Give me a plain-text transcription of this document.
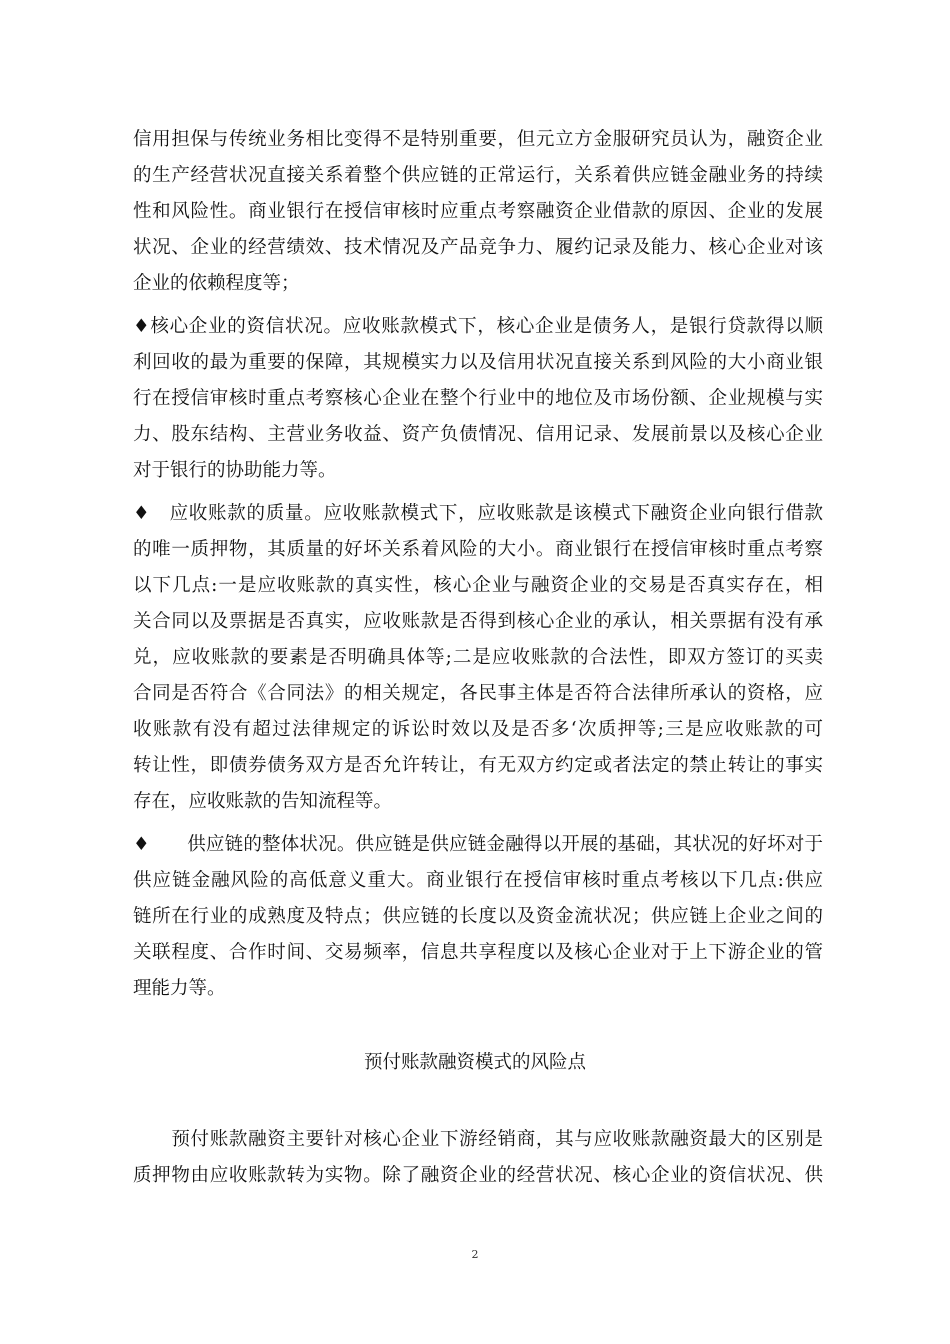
信用担保与传统业务相比变得不是特别重要，但元立方金服研究员认为，融资企业
的生产经营状况直接关系着整个供应链的正常运行，关系着供应链金融业务的持续
性和风险性。商业银行在授信审核时应重点考察融资企业借款的原因、企业的发展
状况、企业的经营绩效、技术情况及产品竞争力、履约记录及能力、核心企业对该
企业的依赖程度等；
♦核心企业的资信状况。应收账款模式下，核心企业是债务人，是银行贷款得以顺
利回收的最为重要的保障，其规模实力以及信用状况直接关系到风险的大小商业银
行在授信审核时重点考察核心企业在整个行业中的地位及市场份额、企业规模与实
力、股东结构、主营业务收益、资产负债情况、信用记录、发展前景以及核心企业
对于银行的协助能力等。
♦　应收账款的质量。应收账款模式下，应收账款是该模式下融资企业向银行借款
的唯一质押物，其质量的好坏关系着风险的大小。商业银行在授信审核时重点考察
以下几点:一是应收账款的真实性，核心企业与融资企业的交易是否真实存在，相
关合同以及票据是否真实，应收账款是否得到核心企业的承认，相关票据有没有承
兑，应收账款的要素是否明确具体等;二是应收账款的合法性，即双方签订的买卖
合同是否符合《合同法》的相关规定，各民事主体是否符合法律所承认的资格，应
收账款有没有超过法律规定的诉讼时效以及是否多‘次质押等;三是应收账款的可
转让性，即债券债务双方是否允许转让，有无双方约定或者法定的禁止转让的事实
存在，应收账款的告知流程等。
♦　　供应链的整体状况。供应链是供应链金融得以开展的基础，其状况的好坏对于
供应链金融风险的高低意义重大。商业银行在授信审核时重点考核以下几点:供应
链所在行业的成熟度及特点；供应链的长度以及资金流状况；供应链上企业之间的
关联程度、合作时间、交易频率，信息共享程度以及核心企业对于上下游企业的管
理能力等。
预付账款融资模式的风险点
　　预付账款融资主要针对核心企业下游经销商，其与应收账款融资最大的区别是
质押物由应收账款转为实物。除了融资企业的经营状况、核心企业的资信状况、供
2
